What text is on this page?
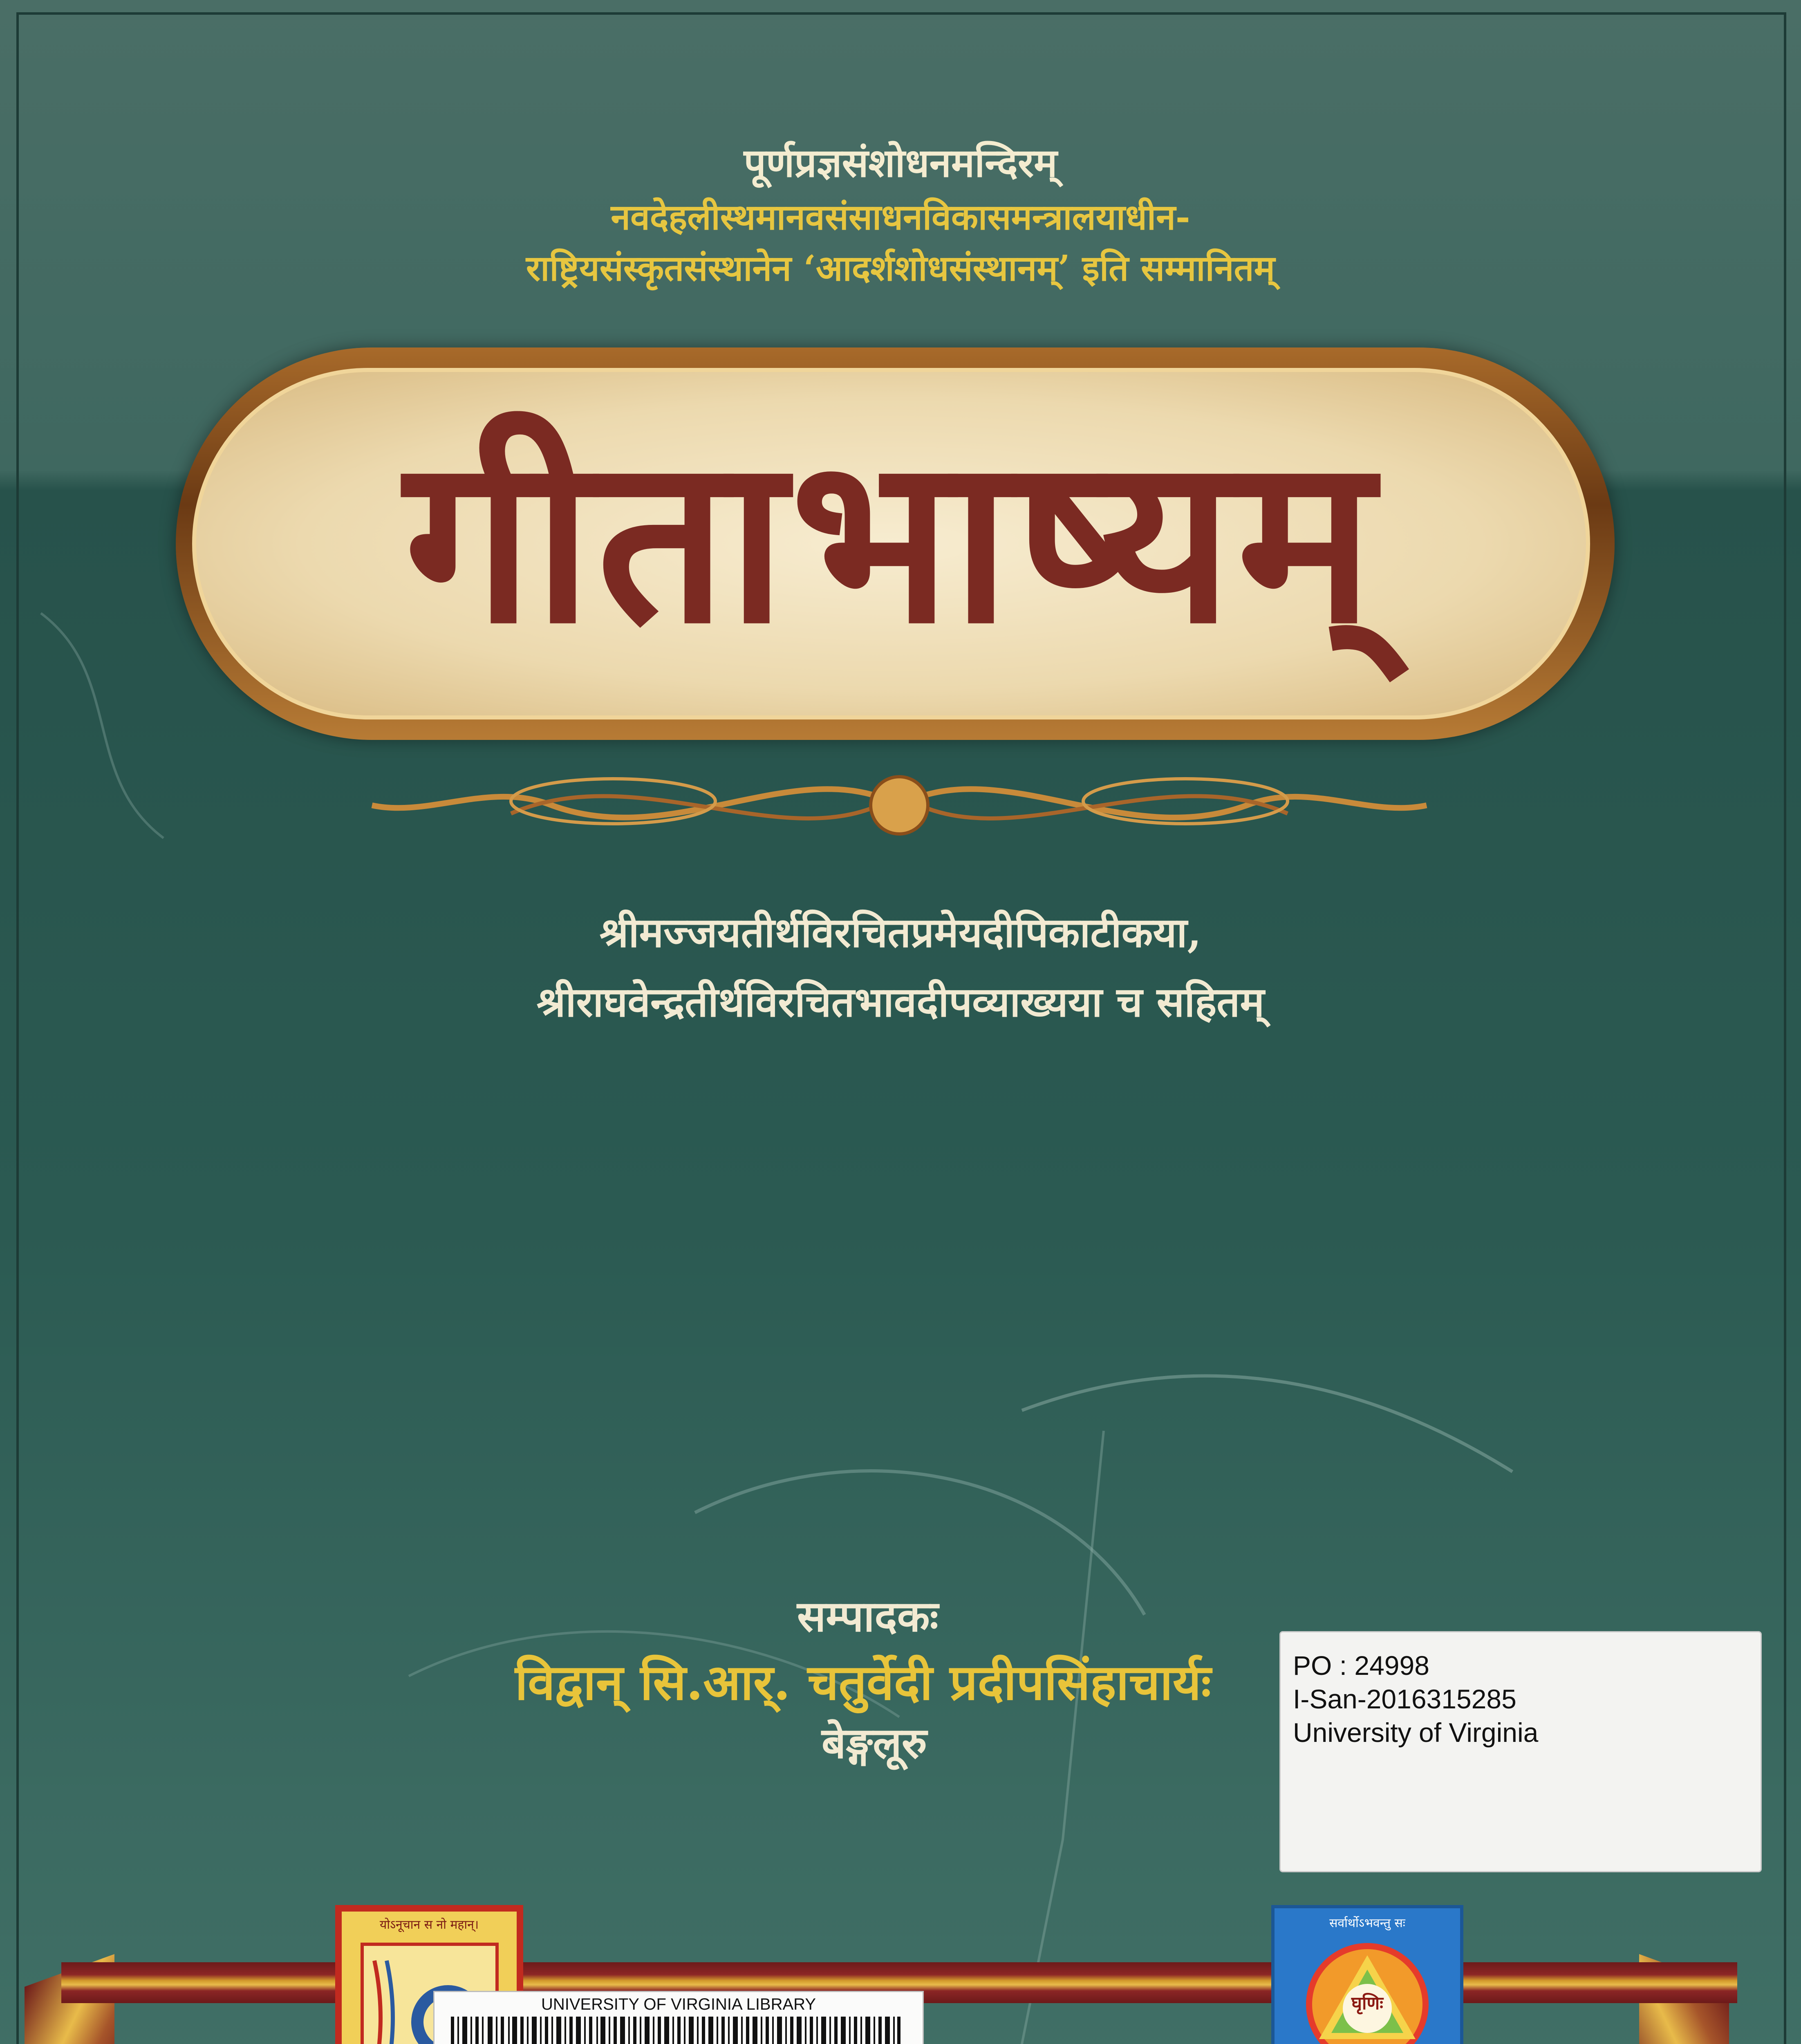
पूर्णप्रज्ञसंशोधनमन्दिरम्
नवदेहलीस्थमानवसंसाधनविकासमन्त्रालयाधीन-
राष्ट्रियसंस्कृतसंस्थानेन ‘आदर्शशोधसंस्थानम्’ इति सम्मानितम्
गीताभाष्यम्
श्रीमज्जयतीर्थविरचितप्रमेयदीपिकाटीकया,
श्रीराघवेन्द्रतीर्थविरचितभावदीपव्याख्यया च सहितम्
सम्पादकः
विद्वान् सि.आर्. चतुर्वेदी प्रदीपसिंहाचार्यः
बेङ्गलूरु
PO : 24998
I-San-2016315285
University of Virginia
योऽनूचान स नो महान्।
UNIVERSITY OF VIRGINIA LIBRARY
सर्वार्थोऽभवन्तु सः
घृणिः
